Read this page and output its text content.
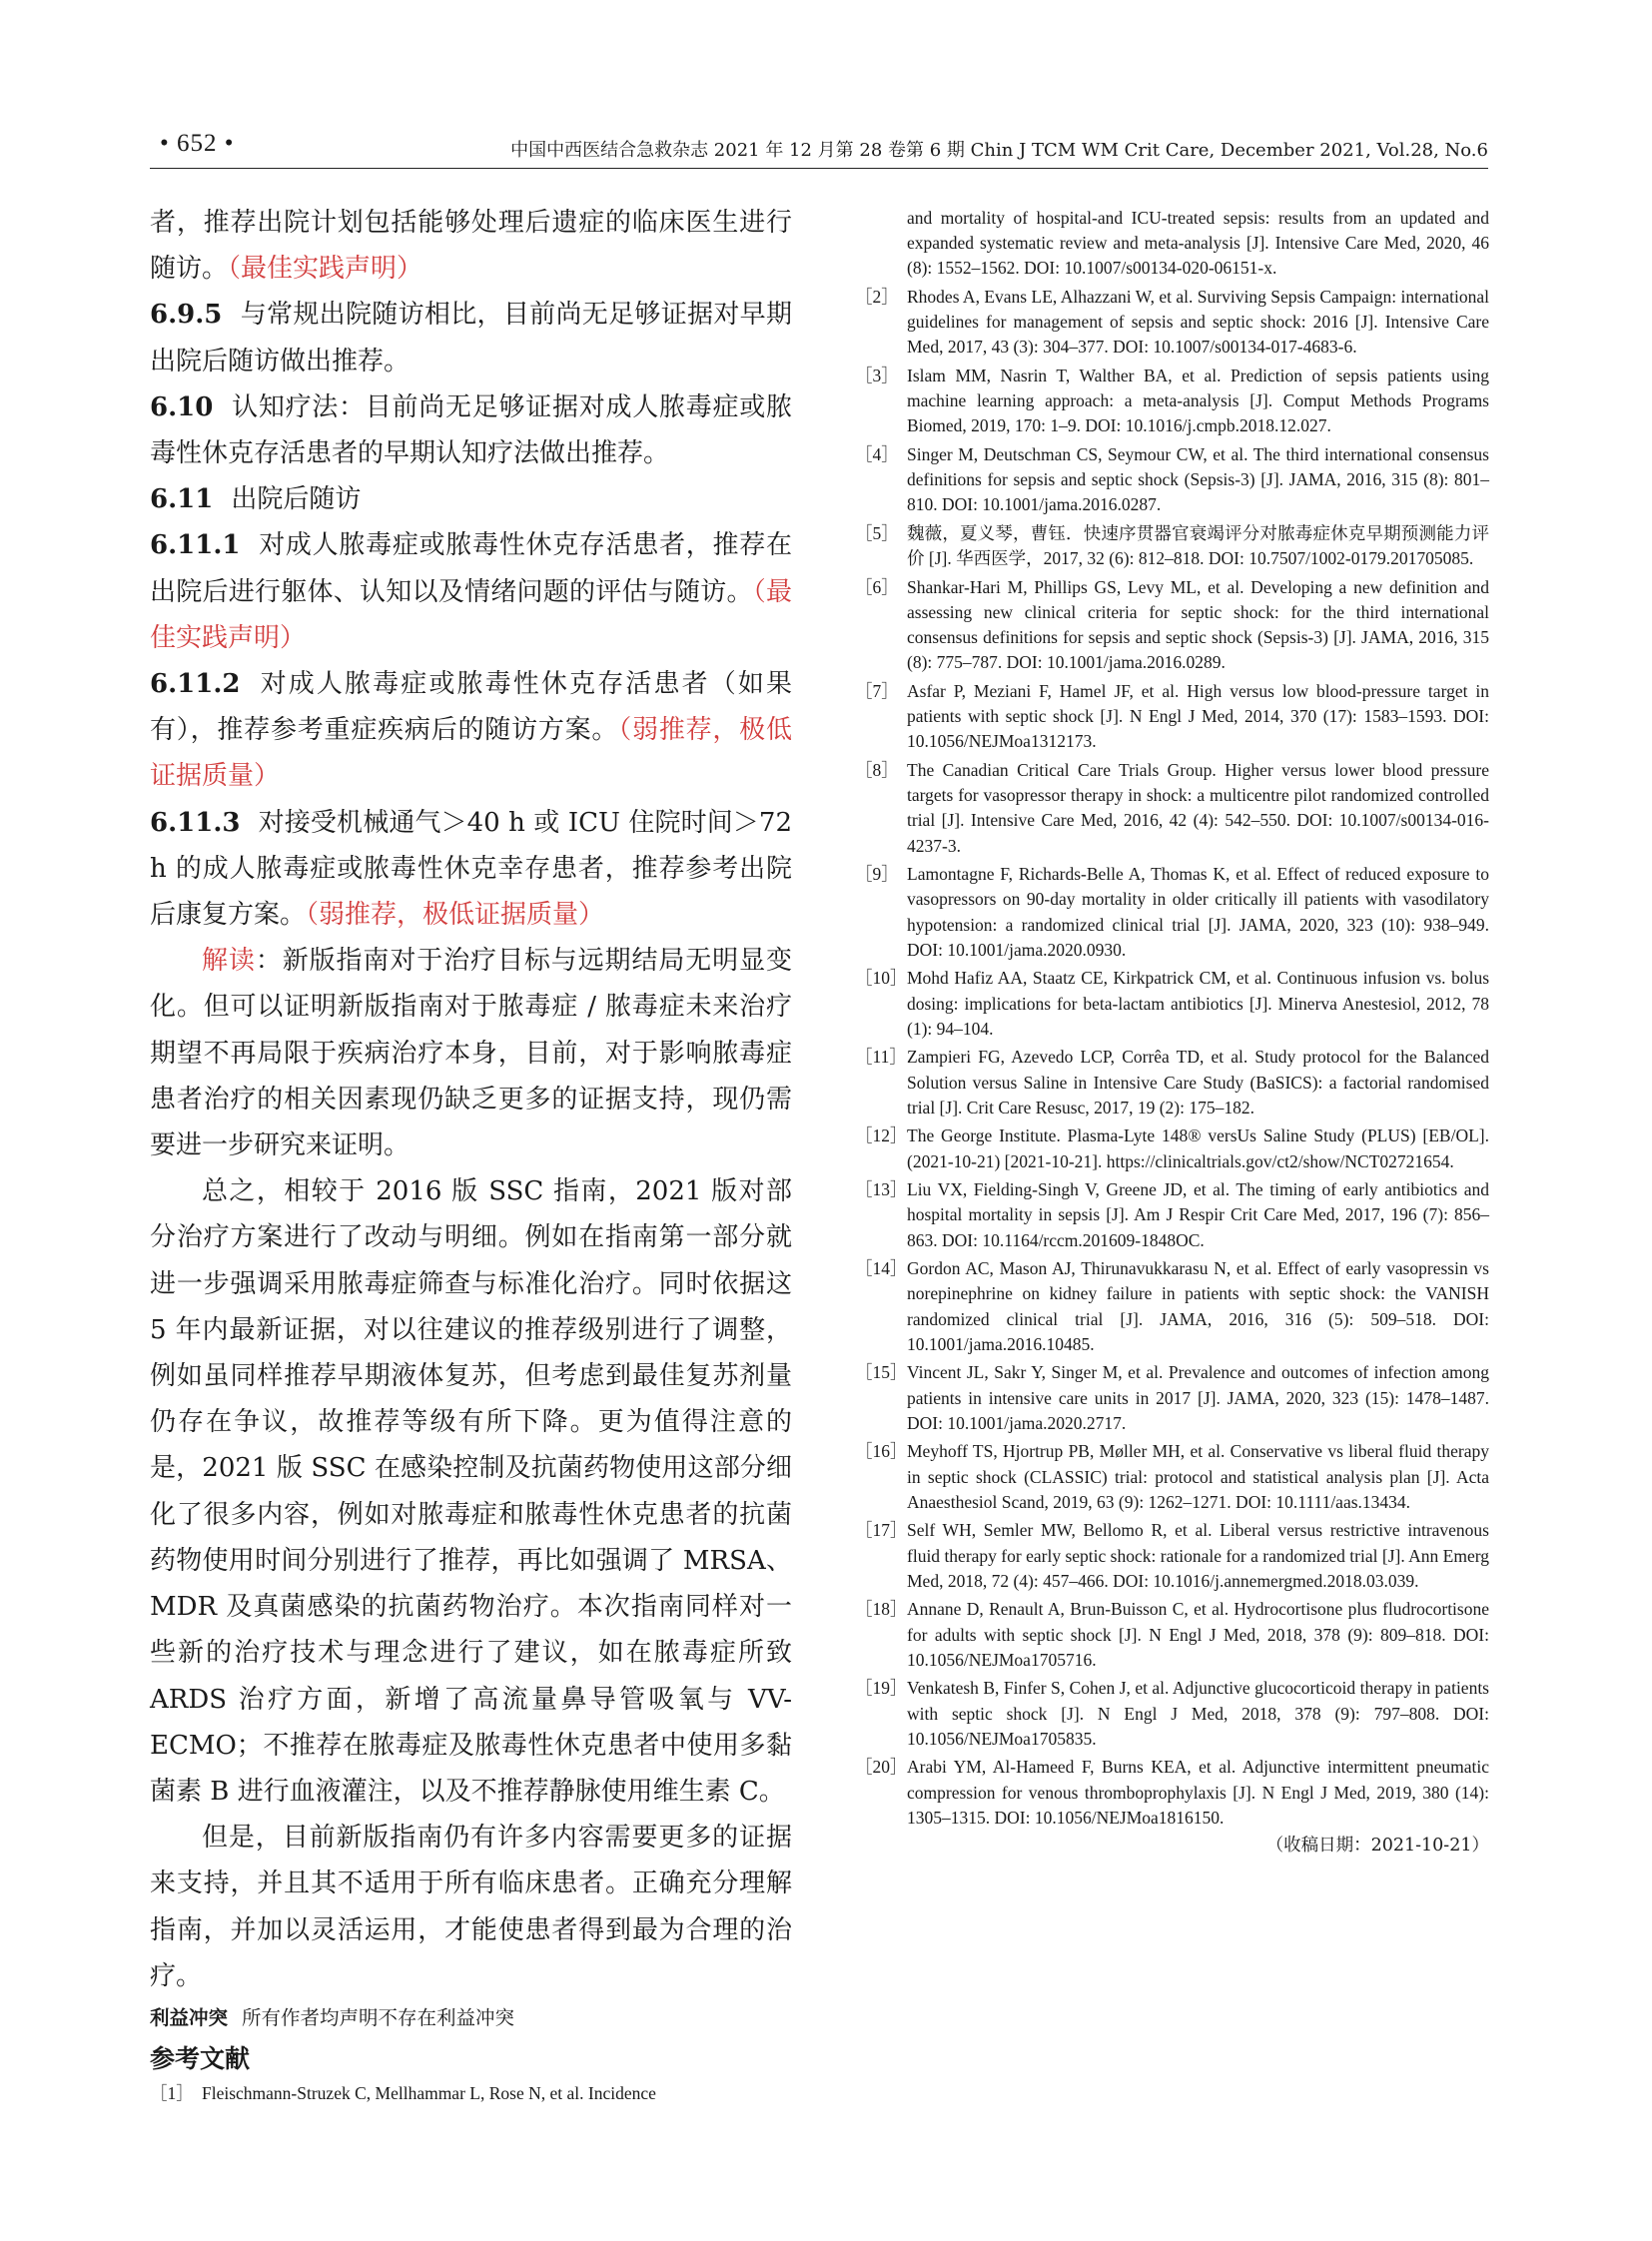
• 652 •	中国中西医结合急救杂志 2021 年 12 月第 28 卷第 6 期 Chin J TCM WM Crit Care, December 2021, Vol.28, No.6

者，推荐出院计划包括能够处理后遗症的临床医生进行随访。（最佳实践声明）

6.9.5 与常规出院随访相比，目前尚无足够证据对早期出院后随访做出推荐。

6.10 认知疗法：目前尚无足够证据对成人脓毒症或脓毒性休克存活患者的早期认知疗法做出推荐。

6.11 出院后随访

6.11.1 对成人脓毒症或脓毒性休克存活患者，推荐在出院后进行躯体、认知以及情绪问题的评估与随访。（最佳实践声明）

6.11.2 对成人脓毒症或脓毒性休克存活患者（如果有），推荐参考重症疾病后的随访方案。（弱推荐，极低证据质量）

6.11.3 对接受机械通气＞40 h 或 ICU 住院时间＞72 h 的成人脓毒症或脓毒性休克幸存患者，推荐参考出院后康复方案。（弱推荐，极低证据质量）

解读：新版指南对于治疗目标与远期结局无明显变化。但可以证明新版指南对于脓毒症 / 脓毒症未来治疗期望不再局限于疾病治疗本身，目前，对于影响脓毒症患者治疗的相关因素现仍缺乏更多的证据支持，现仍需要进一步研究来证明。

总之，相较于 2016 版 SSC 指南，2021 版对部分治疗方案进行了改动与明细。例如在指南第一部分就进一步强调采用脓毒症筛查与标准化治疗。同时依据这 5 年内最新证据，对以往建议的推荐级别进行了调整，例如虽同样推荐早期液体复苏，但考虑到最佳复苏剂量仍存在争议，故推荐等级有所下降。更为值得注意的是，2021 版 SSC 在感染控制及抗菌药物使用这部分细化了很多内容，例如对脓毒症和脓毒性休克患者的抗菌药物使用时间分别进行了推荐，再比如强调了 MRSA、MDR 及真菌感染的抗菌药物治疗。本次指南同样对一些新的治疗技术与理念进行了建议，如在脓毒症所致 ARDS 治疗方面，新增了高流量鼻导管吸氧与 VV-ECMO；不推荐在脓毒症及脓毒性休克患者中使用多黏菌素 B 进行血液灌注，以及不推荐静脉使用维生素 C。

但是，目前新版指南仍有许多内容需要更多的证据来支持，并且其不适用于所有临床患者。正确充分理解指南，并加以灵活运用，才能使患者得到最为合理的治疗。

利益冲突 所有作者均声明不存在利益冲突

参考文献

［1］ Fleischmann-Struzek C, Mellhammar L, Rose N, et al. Incidence
and mortality of hospital-and ICU-treated sepsis: results from an updated and expanded systematic review and meta-analysis [J]. Intensive Care Med, 2020, 46 (8): 1552–1562. DOI: 10.1007/s00134-020-06151-x.
［2］ Rhodes A, Evans LE, Alhazzani W, et al. Surviving Sepsis Campaign: international guidelines for management of sepsis and septic shock: 2016 [J]. Intensive Care Med, 2017, 43 (3): 304–377. DOI: 10.1007/s00134-017-4683-6.
［3］ Islam MM, Nasrin T, Walther BA, et al. Prediction of sepsis patients using machine learning approach: a meta-analysis [J]. Comput Methods Programs Biomed, 2019, 170: 1–9. DOI: 10.1016/j.cmpb.2018.12.027.
［4］ Singer M, Deutschman CS, Seymour CW, et al. The third international consensus definitions for sepsis and septic shock (Sepsis-3) [J]. JAMA, 2016, 315 (8): 801–810. DOI: 10.1001/jama.2016.0287.
［5］ 魏薇，夏义琴，曹钰．快速序贯器官衰竭评分对脓毒症休克早期预测能力评价 [J]. 华西医学，2017, 32 (6): 812–818. DOI: 10.7507/1002-0179.201705085.
［6］ Shankar-Hari M, Phillips GS, Levy ML, et al. Developing a new definition and assessing new clinical criteria for septic shock: for the third international consensus definitions for sepsis and septic shock (Sepsis-3) [J]. JAMA, 2016, 315 (8): 775–787. DOI: 10.1001/jama.2016.0289.
［7］ Asfar P, Meziani F, Hamel JF, et al. High versus low blood-pressure target in patients with septic shock [J]. N Engl J Med, 2014, 370 (17): 1583–1593. DOI: 10.1056/NEJMoa1312173.
［8］ The Canadian Critical Care Trials Group. Higher versus lower blood pressure targets for vasopressor therapy in shock: a multicentre pilot randomized controlled trial [J]. Intensive Care Med, 2016, 42 (4): 542–550. DOI: 10.1007/s00134-016-4237-3.
［9］ Lamontagne F, Richards-Belle A, Thomas K, et al. Effect of reduced exposure to vasopressors on 90-day mortality in older critically ill patients with vasodilatory hypotension: a randomized clinical trial [J]. JAMA, 2020, 323 (10): 938–949. DOI: 10.1001/jama.2020.0930.
［10］ Mohd Hafiz AA, Staatz CE, Kirkpatrick CM, et al. Continuous infusion vs. bolus dosing: implications for beta-lactam antibiotics [J]. Minerva Anestesiol, 2012, 78 (1): 94–104.
［11］ Zampieri FG, Azevedo LCP, Corrêa TD, et al. Study protocol for the Balanced Solution versus Saline in Intensive Care Study (BaSICS): a factorial randomised trial [J]. Crit Care Resusc, 2017, 19 (2): 175–182.
［12］ The George Institute. Plasma-Lyte 148® versUs Saline Study (PLUS) [EB/OL]. (2021-10-21) [2021-10-21]. https://clinicaltrials.gov/ct2/show/NCT02721654.
［13］ Liu VX, Fielding-Singh V, Greene JD, et al. The timing of early antibiotics and hospital mortality in sepsis [J]. Am J Respir Crit Care Med, 2017, 196 (7): 856–863. DOI: 10.1164/rccm.201609-1848OC.
［14］ Gordon AC, Mason AJ, Thirunavukkarasu N, et al. Effect of early vasopressin vs norepinephrine on kidney failure in patients with septic shock: the VANISH randomized clinical trial [J]. JAMA, 2016, 316 (5): 509–518. DOI: 10.1001/jama.2016.10485.
［15］ Vincent JL, Sakr Y, Singer M, et al. Prevalence and outcomes of infection among patients in intensive care units in 2017 [J]. JAMA, 2020, 323 (15): 1478–1487. DOI: 10.1001/jama.2020.2717.
［16］ Meyhoff TS, Hjortrup PB, Møller MH, et al. Conservative vs liberal fluid therapy in septic shock (CLASSIC) trial: protocol and statistical analysis plan [J]. Acta Anaesthesiol Scand, 2019, 63 (9): 1262–1271. DOI: 10.1111/aas.13434.
［17］ Self WH, Semler MW, Bellomo R, et al. Liberal versus restrictive intravenous fluid therapy for early septic shock: rationale for a randomized trial [J]. Ann Emerg Med, 2018, 72 (4): 457–466. DOI: 10.1016/j.annemergmed.2018.03.039.
［18］ Annane D, Renault A, Brun-Buisson C, et al. Hydrocortisone plus fludrocortisone for adults with septic shock [J]. N Engl J Med, 2018, 378 (9): 809–818. DOI: 10.1056/NEJMoa1705716.
［19］ Venkatesh B, Finfer S, Cohen J, et al. Adjunctive glucocorticoid therapy in patients with septic shock [J]. N Engl J Med, 2018, 378 (9): 797–808. DOI: 10.1056/NEJMoa1705835.
［20］ Arabi YM, Al-Hameed F, Burns KEA, et al. Adjunctive intermittent pneumatic compression for venous thromboprophylaxis [J]. N Engl J Med, 2019, 380 (14): 1305–1315. DOI: 10.1056/NEJMoa1816150.

（收稿日期：2021-10-21）
